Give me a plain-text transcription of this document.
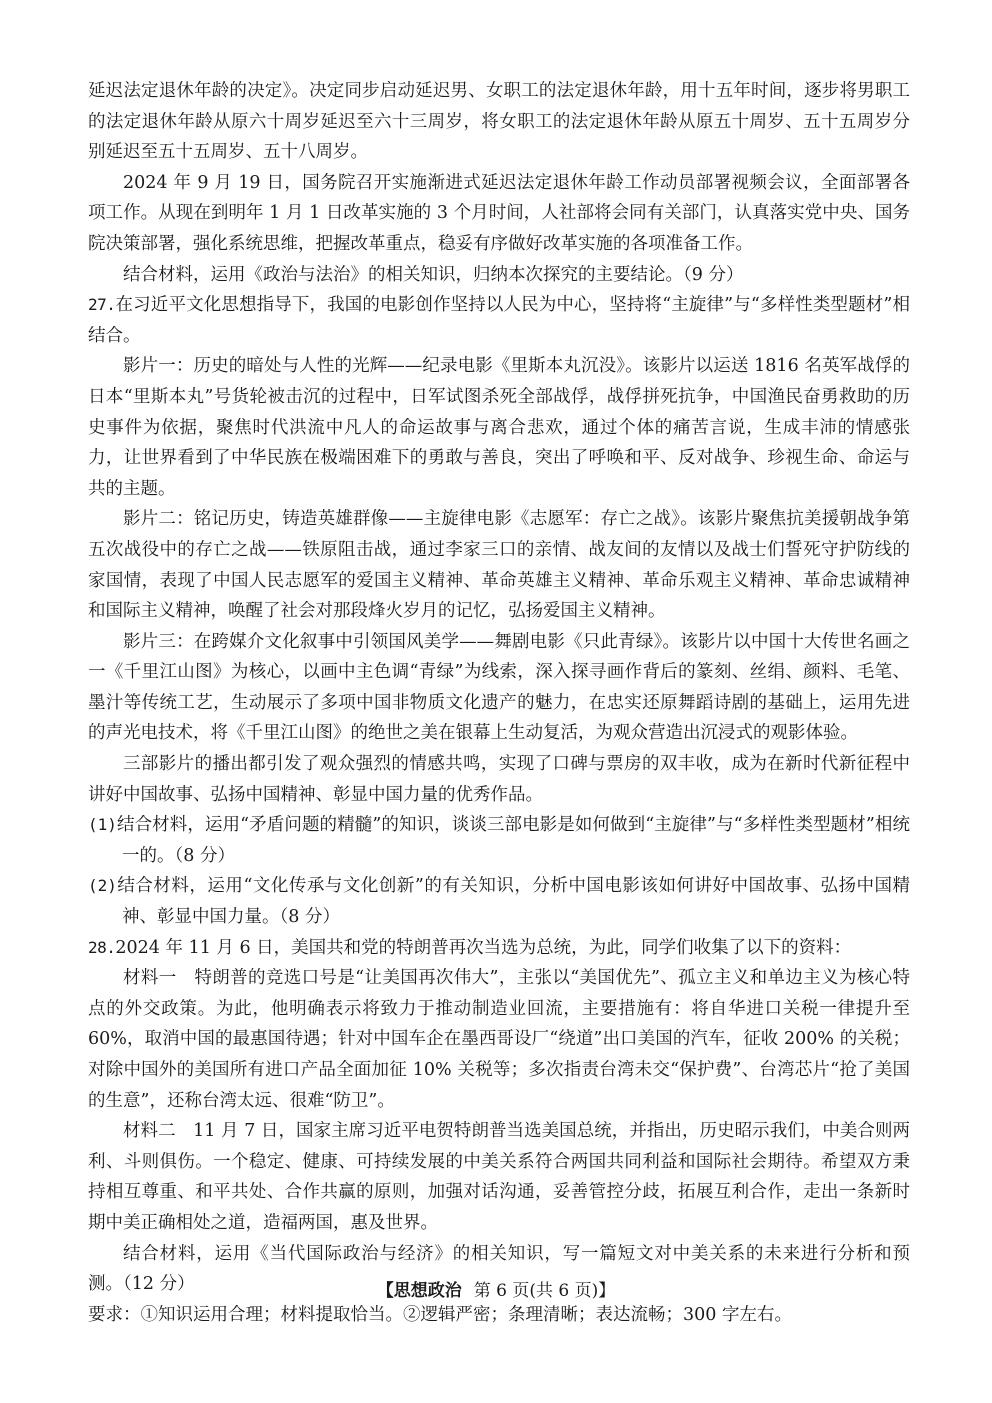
延迟法定退休年龄的决定》。决定同步启动延迟男、女职工的法定退休年龄，用十五年时间，逐步将男职工的法定退休年龄从原六十周岁延迟至六十三周岁，将女职工的法定退休年龄从原五十周岁、五十五周岁分别延迟至五十五周岁、五十八周岁。

2024 年 9 月 19 日，国务院召开实施渐进式延迟法定退休年龄工作动员部署视频会议，全面部署各项工作。从现在到明年 1 月 1 日改革实施的 3 个月时间，人社部将会同有关部门，认真落实党中央、国务院决策部署，强化系统思维，把握改革重点，稳妥有序做好改革实施的各项准备工作。

结合材料，运用《政治与法治》的相关知识，归纳本次探究的主要结论。（9 分）

27.在习近平文化思想指导下，我国的电影创作坚持以人民为中心，坚持将“主旋律”与“多样性类型题材”相结合。

影片一：历史的暗处与人性的光辉——纪录电影《里斯本丸沉没》。该影片以运送 1816 名英军战俘的日本“里斯本丸”号货轮被击沉的过程中，日军试图杀死全部战俘，战俘拼死抗争，中国渔民奋勇救助的历史事件为依据，聚焦时代洪流中凡人的命运故事与离合悲欢，通过个体的痛苦言说，生成丰沛的情感张力，让世界看到了中华民族在极端困难下的勇敢与善良，突出了呼唤和平、反对战争、珍视生命、命运与共的主题。

影片二：铭记历史，铸造英雄群像——主旋律电影《志愿军：存亡之战》。该影片聚焦抗美援朝战争第五次战役中的存亡之战——铁原阻击战，通过李家三口的亲情、战友间的友情以及战士们誓死守护防线的家国情，表现了中国人民志愿军的爱国主义精神、革命英雄主义精神、革命乐观主义精神、革命忠诚精神和国际主义精神，唤醒了社会对那段烽火岁月的记忆，弘扬爱国主义精神。

影片三：在跨媒介文化叙事中引领国风美学——舞剧电影《只此青绿》。该影片以中国十大传世名画之一《千里江山图》为核心，以画中主色调“青绿”为线索，深入探寻画作背后的篆刻、丝绢、颜料、毛笔、墨汁等传统工艺，生动展示了多项中国非物质文化遗产的魅力，在忠实还原舞蹈诗剧的基础上，运用先进的声光电技术，将《千里江山图》的绝世之美在银幕上生动复活，为观众营造出沉浸式的观影体验。

三部影片的播出都引发了观众强烈的情感共鸣，实现了口碑与票房的双丰收，成为在新时代新征程中讲好中国故事、弘扬中国精神、彰显中国力量的优秀作品。

(1)结合材料，运用“矛盾问题的精髓”的知识，谈谈三部电影是如何做到“主旋律”与“多样性类型题材”相统一的。（8 分）

(2)结合材料，运用“文化传承与文化创新”的有关知识，分析中国电影该如何讲好中国故事、弘扬中国精神、彰显中国力量。（8 分）

28.2024 年 11 月 6 日，美国共和党的特朗普再次当选为总统，为此，同学们收集了以下的资料：

材料一　特朗普的竞选口号是“让美国再次伟大”，主张以“美国优先”、孤立主义和单边主义为核心特点的外交政策。为此，他明确表示将致力于推动制造业回流，主要措施有：将自华进口关税一律提升至 60%，取消中国的最惠国待遇；针对中国车企在墨西哥设厂“绕道”出口美国的汽车，征收 200% 的关税；对除中国外的美国所有进口产品全面加征 10% 关税等；多次指责台湾未交“保护费”、台湾芯片“抢了美国的生意”，还称台湾太远、很难“防卫”。

材料二　11 月 7 日，国家主席习近平电贺特朗普当选美国总统，并指出，历史昭示我们，中美合则两利、斗则俱伤。一个稳定、健康、可持续发展的中美关系符合两国共同利益和国际社会期待。希望双方秉持相互尊重、和平共处、合作共赢的原则，加强对话沟通，妥善管控分歧，拓展互利合作，走出一条新时期中美正确相处之道，造福两国，惠及世界。

结合材料，运用《当代国际政治与经济》的相关知识，写一篇短文对中美关系的未来进行分析和预测。（12 分）

要求：①知识运用合理；材料提取恰当。②逻辑严密；条理清晰；表达流畅；300 字左右。

【思想政治 第 6 页(共 6 页)】
